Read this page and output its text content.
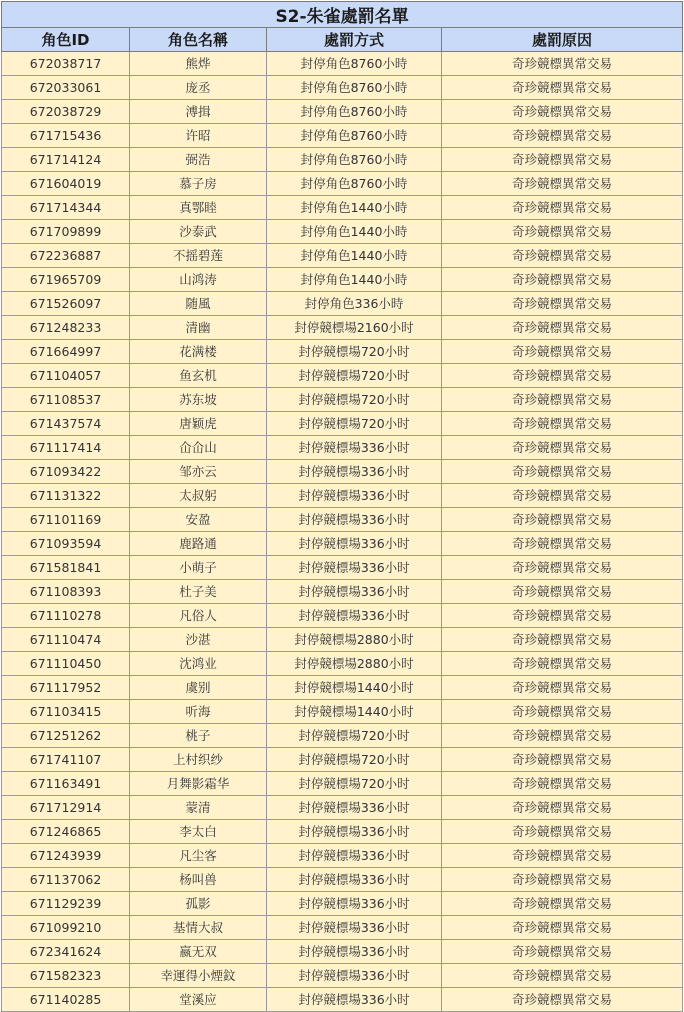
S2-朱雀處罰名單			
角色ID	角色名稱	處罰方式	處罰原因
672038717	熊烨	封停角色8760小時	奇珍競標異常交易
672033061	庞丞	封停角色8760小時	奇珍競標異常交易
672038729	溥揖	封停角色8760小時	奇珍競標異常交易
671715436	许昭	封停角色8760小時	奇珍競標異常交易
671714124	弼浩	封停角色8760小時	奇珍競標異常交易
671604019	慕子房	封停角色8760小時	奇珍競標異常交易
671714344	真鄂睦	封停角色1440小時	奇珍競標異常交易
671709899	沙泰武	封停角色1440小時	奇珍競標異常交易
672236887	不摇碧莲	封停角色1440小時	奇珍競標異常交易
671965709	山鸿涛	封停角色1440小時	奇珍競標異常交易
671526097	随風	封停角色336小時	奇珍競標異常交易
671248233	清幽	封停競標場2160小时	奇珍競標異常交易
671664997	花满楼	封停競標場720小时	奇珍競標異常交易
671104057	鱼玄机	封停競標場720小时	奇珍競標異常交易
671108537	苏东坡	封停競標場720小时	奇珍競標異常交易
671437574	唐颖虎	封停競標場720小时	奇珍競標異常交易
671117414	仚仚山	封停競標場336小时	奇珍競標異常交易
671093422	邹亦云	封停競標場336小时	奇珍競標異常交易
671131322	太叔躬	封停競標場336小时	奇珍競標異常交易
671101169	安盈	封停競標場336小时	奇珍競標異常交易
671093594	鹿路通	封停競標場336小时	奇珍競標異常交易
671581841	小萌子	封停競標場336小时	奇珍競標異常交易
671108393	杜子美	封停競標場336小时	奇珍競標異常交易
671110278	凡俗人	封停競標場336小时	奇珍競標異常交易
671110474	沙湛	封停競標場2880小时	奇珍競標異常交易
671110450	沈鸿业	封停競標場2880小时	奇珍競標異常交易
671117952	虞别	封停競標場1440小时	奇珍競標異常交易
671103415	听海	封停競標場1440小时	奇珍競標異常交易
671251262	桃子	封停競標場720小时	奇珍競標異常交易
671741107	上村织纱	封停競標場720小时	奇珍競標異常交易
671163491	月舞影霜华	封停競標場720小时	奇珍競標異常交易
671712914	蒙清	封停競標場336小时	奇珍競標異常交易
671246865	李太白	封停競標場336小时	奇珍競標異常交易
671243939	凡尘客	封停競標場336小时	奇珍競標異常交易
671137062	杨叫兽	封停競標場336小时	奇珍競標異常交易
671129239	孤影	封停競標場336小时	奇珍競標異常交易
671099210	基情大叔	封停競標場336小时	奇珍競標異常交易
672341624	嬴无双	封停競標場336小时	奇珍競標異常交易
671582323	幸運得小煙鈫	封停競標場336小时	奇珍競標異常交易
671140285	堂溪应	封停競標場336小时	奇珍競標異常交易
